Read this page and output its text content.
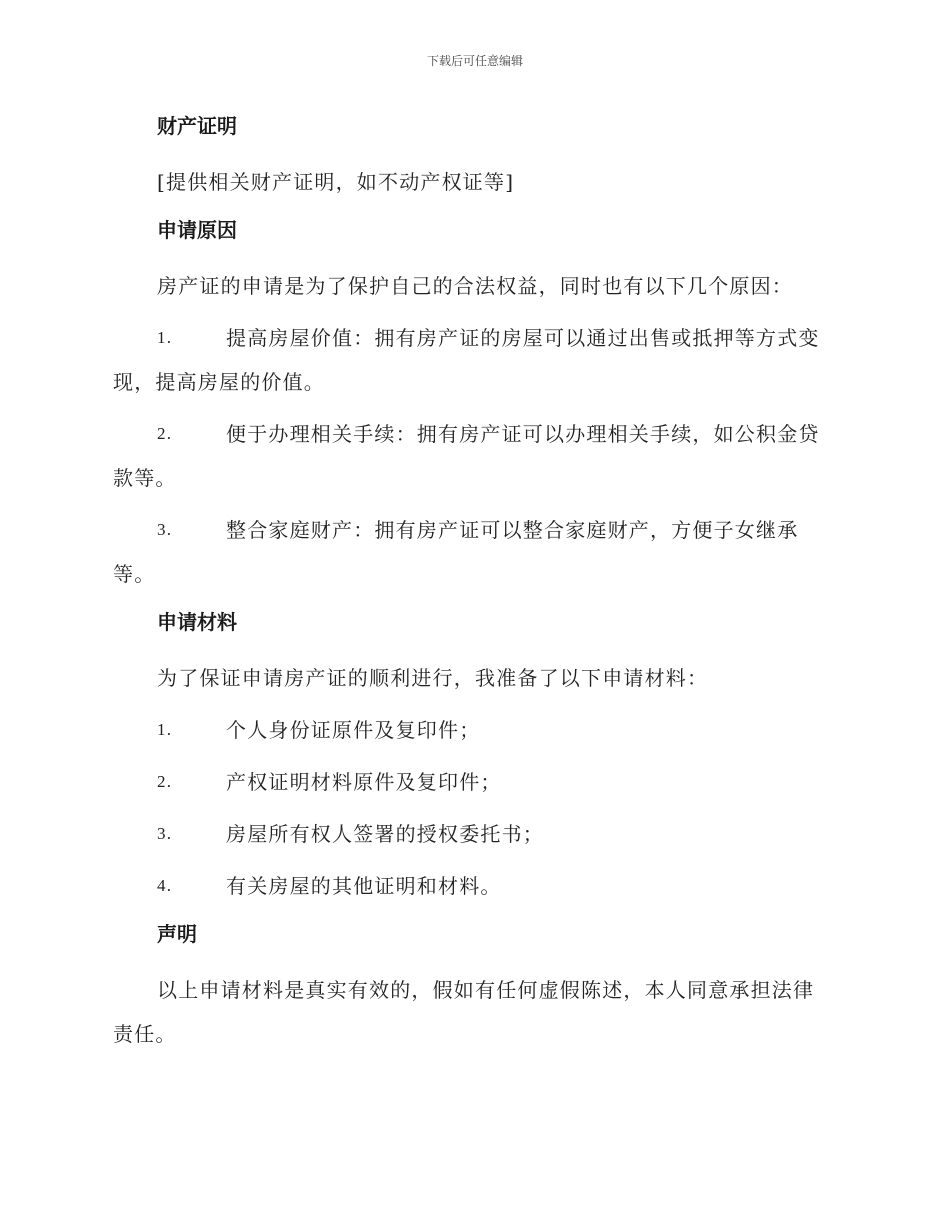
下载后可任意编辑
财产证明
[提供相关财产证明，如不动产权证等]
申请原因
房产证的申请是为了保护自己的合法权益，同时也有以下几个原因：
1.	提高房屋价值：拥有房产证的房屋可以通过出售或抵押等方式变现，提高房屋的价值。
2.	便于办理相关手续：拥有房产证可以办理相关手续，如公积金贷款等。
3.	整合家庭财产：拥有房产证可以整合家庭财产，方便子女继承等。
申请材料
为了保证申请房产证的顺利进行，我准备了以下申请材料：
1.	个人身份证原件及复印件；
2.	产权证明材料原件及复印件；
3.	房屋所有权人签署的授权委托书；
4.	有关房屋的其他证明和材料。
声明
以上申请材料是真实有效的，假如有任何虚假陈述，本人同意承担法律责任。
